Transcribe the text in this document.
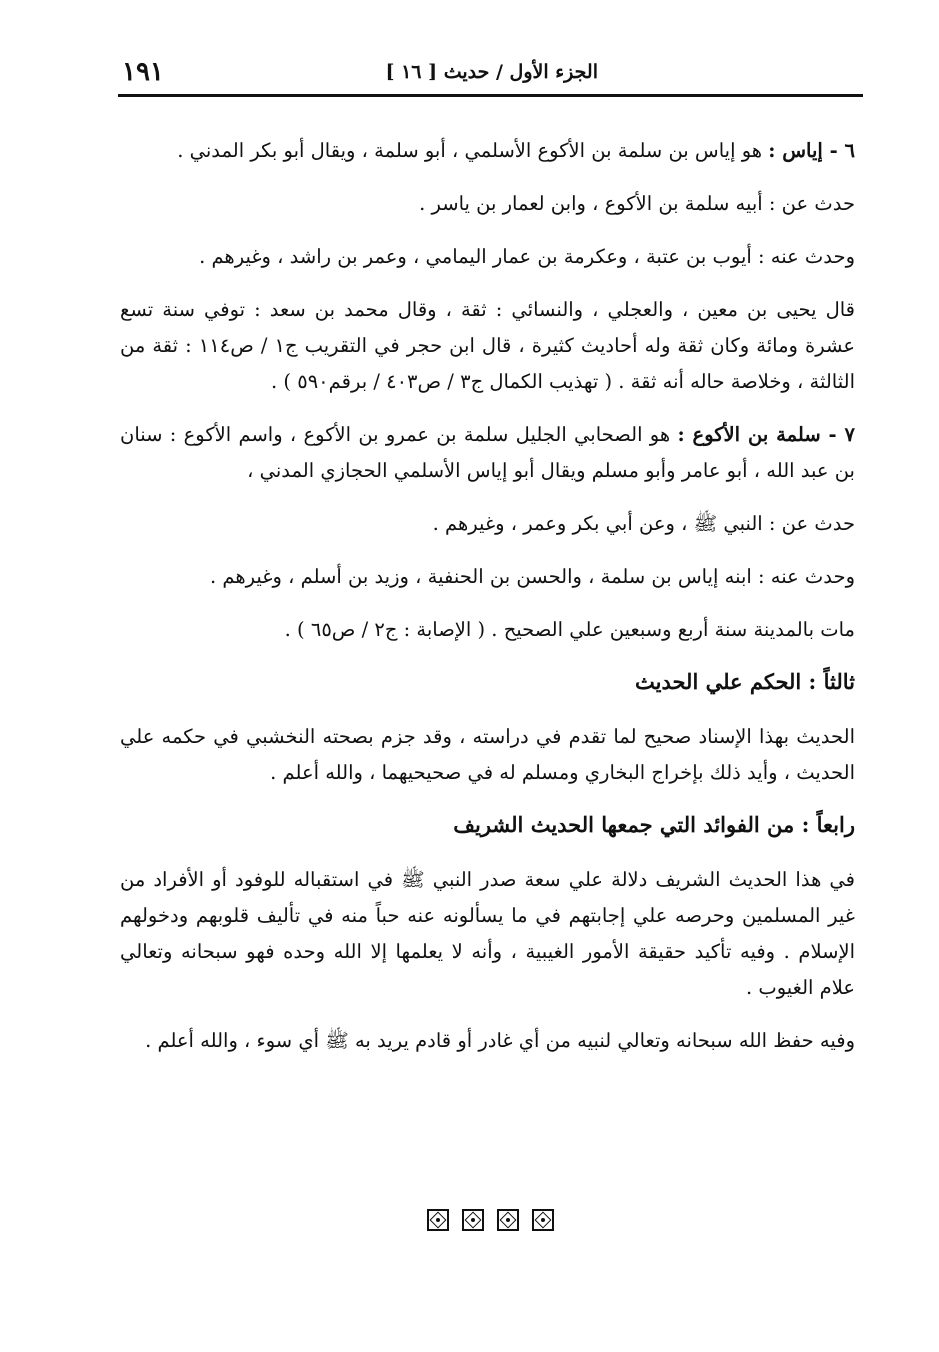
١٩١	الجزء الأول / حديث [ ١٦ ]

٦ - إياس : هو إياس بن سلمة بن الأكوع الأسلمي ، أبو سلمة ، ويقال أبو بكر المدني .

حدث عن : أبيه سلمة بن الأكوع ، وابن لعمار بن ياسر .

وحدث عنه : أيوب بن عتبة ، وعكرمة بن عمار اليمامي ، وعمر بن راشد ، وغيرهم .

قال يحيى بن معين ، والعجلي ، والنسائي : ثقة ، وقال محمد بن سعد : توفي سنة تسع عشرة ومائة وكان ثقة وله أحاديث كثيرة ، قال ابن حجر في التقريب ج١ / ص١١٤ : ثقة من الثالثة ، وخلاصة حاله أنه ثقة . ( تهذيب الكمال ج٣ / ص٤٠٣ / برقم٥٩٠ ) .

٧ - سلمة بن الأكوع : هو الصحابي الجليل سلمة بن عمرو بن الأكوع ، واسم الأكوع : سنان بن عبد الله ، أبو عامر وأبو مسلم ويقال أبو إياس الأسلمي الحجازي المدني ،

حدث عن : النبي ﷺ ، وعن أبي بكر وعمر ، وغيرهم .

وحدث عنه : ابنه إياس بن سلمة ، والحسن بن الحنفية ، وزيد بن أسلم ، وغيرهم .

مات بالمدينة سنة أربع وسبعين علي الصحيح . ( الإصابة : ج٢ / ص٦٥ ) .

ثالثاً : الحكم علي الحديث

الحديث بهذا الإسناد صحيح لما تقدم في دراسته ، وقد جزم بصحته النخشبي في حكمه علي الحديث ، وأيد ذلك بإخراج البخاري ومسلم له في صحيحيهما ، والله أعلم .

رابعاً : من الفوائد التي جمعها الحديث الشريف

في هذا الحديث الشريف دلالة علي سعة صدر النبي ﷺ في استقباله للوفود أو الأفراد من غير المسلمين وحرصه علي إجابتهم في ما يسألونه عنه حباً منه في تأليف قلوبهم ودخولهم الإسلام . وفيه تأكيد حقيقة الأمور الغيبية ، وأنه لا يعلمها إلا الله وحده فهو سبحانه وتعالي علام الغيوب .

وفيه حفظ الله سبحانه وتعالي لنبيه من أي غادر أو قادم يريد به ﷺ أي سوء ، والله أعلم .
